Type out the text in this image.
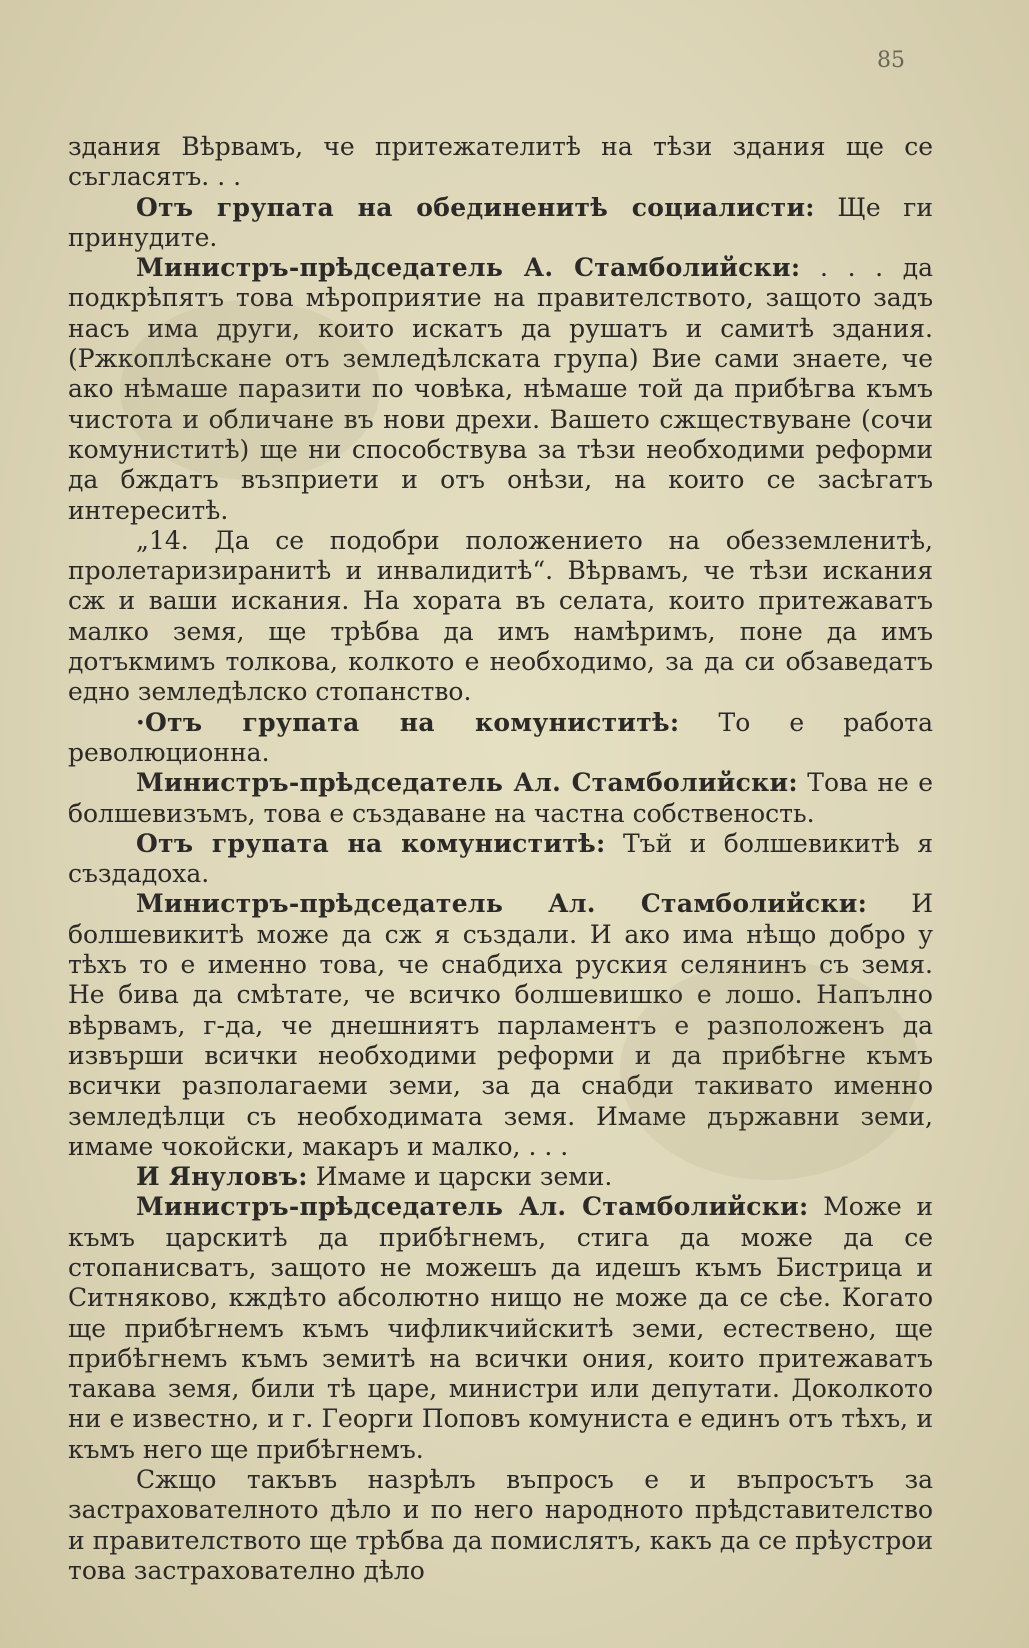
85

здания Вѣрвамъ, че притежателитѣ на тѣзи здания ще се съгласятъ. . .

Отъ групата на обединенитѣ социалисти: Ще ги принудите.

Министръ-прѣдседатель А. Стамболийски: . . . да подкрѣпятъ това мѣроприятие на правителството, защото задъ насъ има други, които искатъ да рушатъ и самитѣ здания. (Ржкоплѣскане отъ земледѣлската група) Вие сами знаете, че ако нѣмаше паразити по човѣка, нѣмаше той да прибѣгва къмъ чистота и обличане въ нови дрехи. Вашето сжществуване (сочи комуниститѣ) ще ни способствува за тѣзи необходими реформи да бждатъ възприети и отъ онѣзи, на които се засѣгатъ интереситѣ.

„14. Да се подобри положението на обезземленитѣ, пролетаризиранитѣ и инвалидитѣ“. Вѣрвамъ, че тѣзи искания сж и ваши искания. На хората въ селата, които притежаватъ малко земя, ще трѣбва да имъ намѣримъ, поне да имъ дотъкмимъ толкова, колкото е необходимо, за да си обзаведатъ едно земледѣлско стопанство.

·Отъ групата на комуниститѣ: То е работа революционна.

Министръ-прѣдседатель Ал. Стамболийски: Това не е болшевизъмъ, това е създаване на частна собственость.

Отъ групата на комуниститѣ: Тъй и болшевикитѣ я създадоха.

Министръ-прѣдседатель Ал. Стамболийски: И болшевикитѣ може да сж я създали. И ако има нѣщо добро у тѣхъ то е именно това, че снабдиха руския селянинъ съ земя. Не бива да смѣтате, че всичко болшевишко е лошо. Напълно вѣрвамъ, г-да, че днешниятъ парламентъ е разположенъ да извърши всички необходими реформи и да прибѣгне къмъ всички разполагаеми земи, за да снабди такивато именно земледѣлци съ необходимата земя. Имаме държавни земи, имаме чокойски, макаръ и малко, . . .

И Януловъ: Имаме и царски земи.

Министръ-прѣдседатель Ал. Стамболийски: Може и къмъ царскитѣ да прибѣгнемъ, стига да може да се стопанисватъ, защото не можешъ да идешъ къмъ Бистрица и Ситняково, кждѣто абсолютно нищо не може да се сѣе. Когато ще прибѣгнемъ къмъ чифликчийскитѣ земи, естествено, ще прибѣгнемъ къмъ земитѣ на всички ония, които притежаватъ такава земя, били тѣ царе, министри или депутати. Доколкото ни е известно, и г. Георги Поповъ комуниста е единъ отъ тѣхъ, и къмъ него ще прибѣгнемъ.

Сжщо такъвъ назрѣлъ въпросъ е и въпросътъ за застрахователното дѣло и по него народното прѣдставителство и правителството ще трѣбва да помислятъ, какъ да се прѣустрои това застрахователно дѣло
